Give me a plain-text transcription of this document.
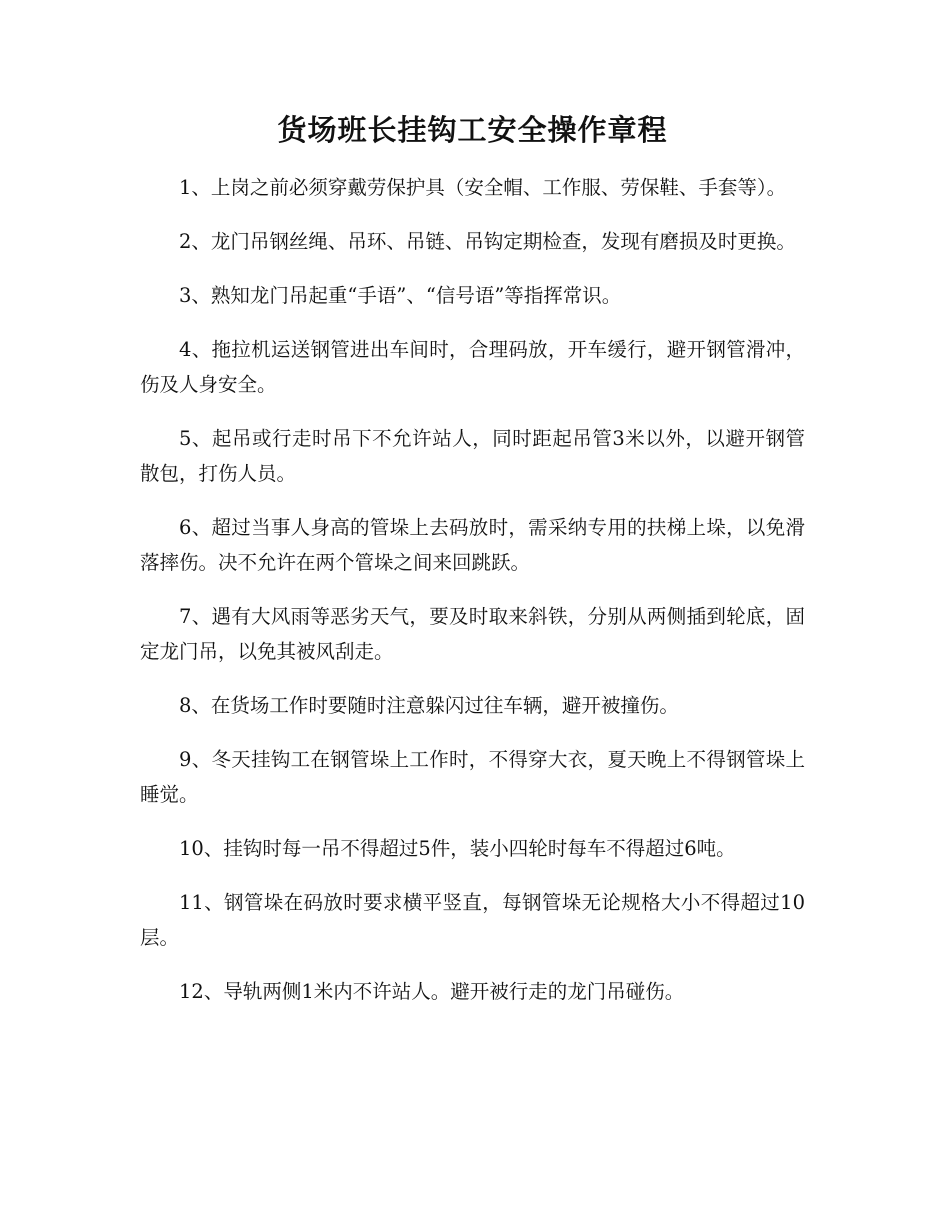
货场班长挂钩工安全操作章程

1、上岗之前必须穿戴劳保护具（安全帽、工作服、劳保鞋、手套等）。

2、龙门吊钢丝绳、吊环、吊链、吊钩定期检查，发现有磨损及时更换。

3、熟知龙门吊起重“手语”、“信号语”等指挥常识。

4、拖拉机运送钢管进出车间时，合理码放，开车缓行，避开钢管滑冲，伤及人身安全。

5、起吊或行走时吊下不允许站人，同时距起吊管3米以外，以避开钢管散包，打伤人员。

6、超过当事人身高的管垛上去码放时，需采纳专用的扶梯上垛，以免滑落摔伤。决不允许在两个管垛之间来回跳跃。

7、遇有大风雨等恶劣天气，要及时取来斜铁，分别从两侧插到轮底，固定龙门吊，以免其被风刮走。

8、在货场工作时要随时注意躲闪过往车辆，避开被撞伤。

9、冬天挂钩工在钢管垛上工作时，不得穿大衣，夏天晚上不得钢管垛上睡觉。

10、挂钩时每一吊不得超过5件，装小四轮时每车不得超过6吨。

11、钢管垛在码放时要求横平竖直，每钢管垛无论规格大小不得超过10层。

12、导轨两侧1米内不许站人。避开被行走的龙门吊碰伤。
